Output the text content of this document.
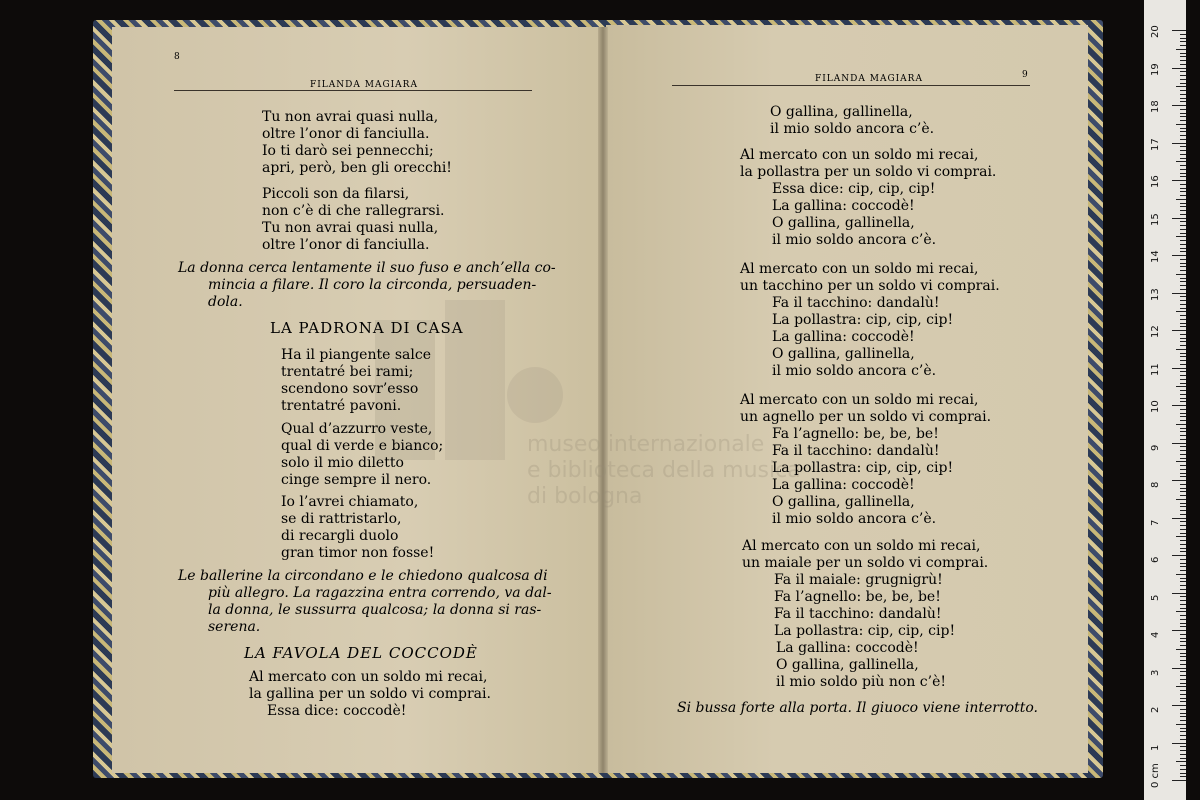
8
FILANDA MAGIARA
FILANDA MAGIARA	9
museo internazionale
e biblioteca della musica
di bologna
Tu non avrai quasi nulla,
oltre l’onor di fanciulla.
Io ti darò sei pennecchi;
apri, però, ben gli orecchi!
Piccoli son da filarsi,
non c’è di che rallegrarsi.
Tu non avrai quasi nulla,
oltre l’onor di fanciulla.
La donna cerca lentamente il suo fuso e anch’ella co-
mincia a filare. Il coro la circonda, persuaden-
dola.
LA PADRONA DI CASA
Ha il piangente salce
trentatré bei rami;
scendono sovr’esso
trentatré pavoni.
Qual d’azzurro veste,
qual di verde e bianco;
solo il mio diletto
cinge sempre il nero.
Io l’avrei chiamato,
se di rattristarlo,
di recargli duolo
gran timor non fosse!
Le ballerine la circondano e le chiedono qualcosa di
più allegro. La ragazzina entra correndo, va dal-
la donna, le sussurra qualcosa; la donna si ras-
serena.
LA FAVOLA DEL COCCODÈ
Al mercato con un soldo mi recai,
la gallina per un soldo vi comprai.
Essa dice: coccodè!
O gallina, gallinella,
il mio soldo ancora c’è.
Al mercato con un soldo mi recai,
la pollastra per un soldo vi comprai.
Essa dice: cip, cip, cip!
La gallina: coccodè!
O gallina, gallinella,
il mio soldo ancora c’è.
Al mercato con un soldo mi recai,
un tacchino per un soldo vi comprai.
Fa il tacchino: dandalù!
La pollastra: cip, cip, cip!
La gallina: coccodè!
O gallina, gallinella,
il mio soldo ancora c’è.
Al mercato con un soldo mi recai,
un agnello per un soldo vi comprai.
Fa l’agnello: be, be, be!
Fa il tacchino: dandalù!
La pollastra: cip, cip, cip!
La gallina: coccodè!
O gallina, gallinella,
il mio soldo ancora c’è.
Al mercato con un soldo mi recai,
un maiale per un soldo vi comprai.
Fa il maiale: grugnigrù!
Fa l’agnello: be, be, be!
Fa il tacchino: dandalù!
La pollastra: cip, cip, cip!
La gallina: coccodè!
O gallina, gallinella,
il mio soldo più non c’è!
Si bussa forte alla porta. Il giuoco viene interrotto.
0 cm
1
2
3
4
5
6
7
8
9
10
11
12
13
14
15
16
17
18
19
20
